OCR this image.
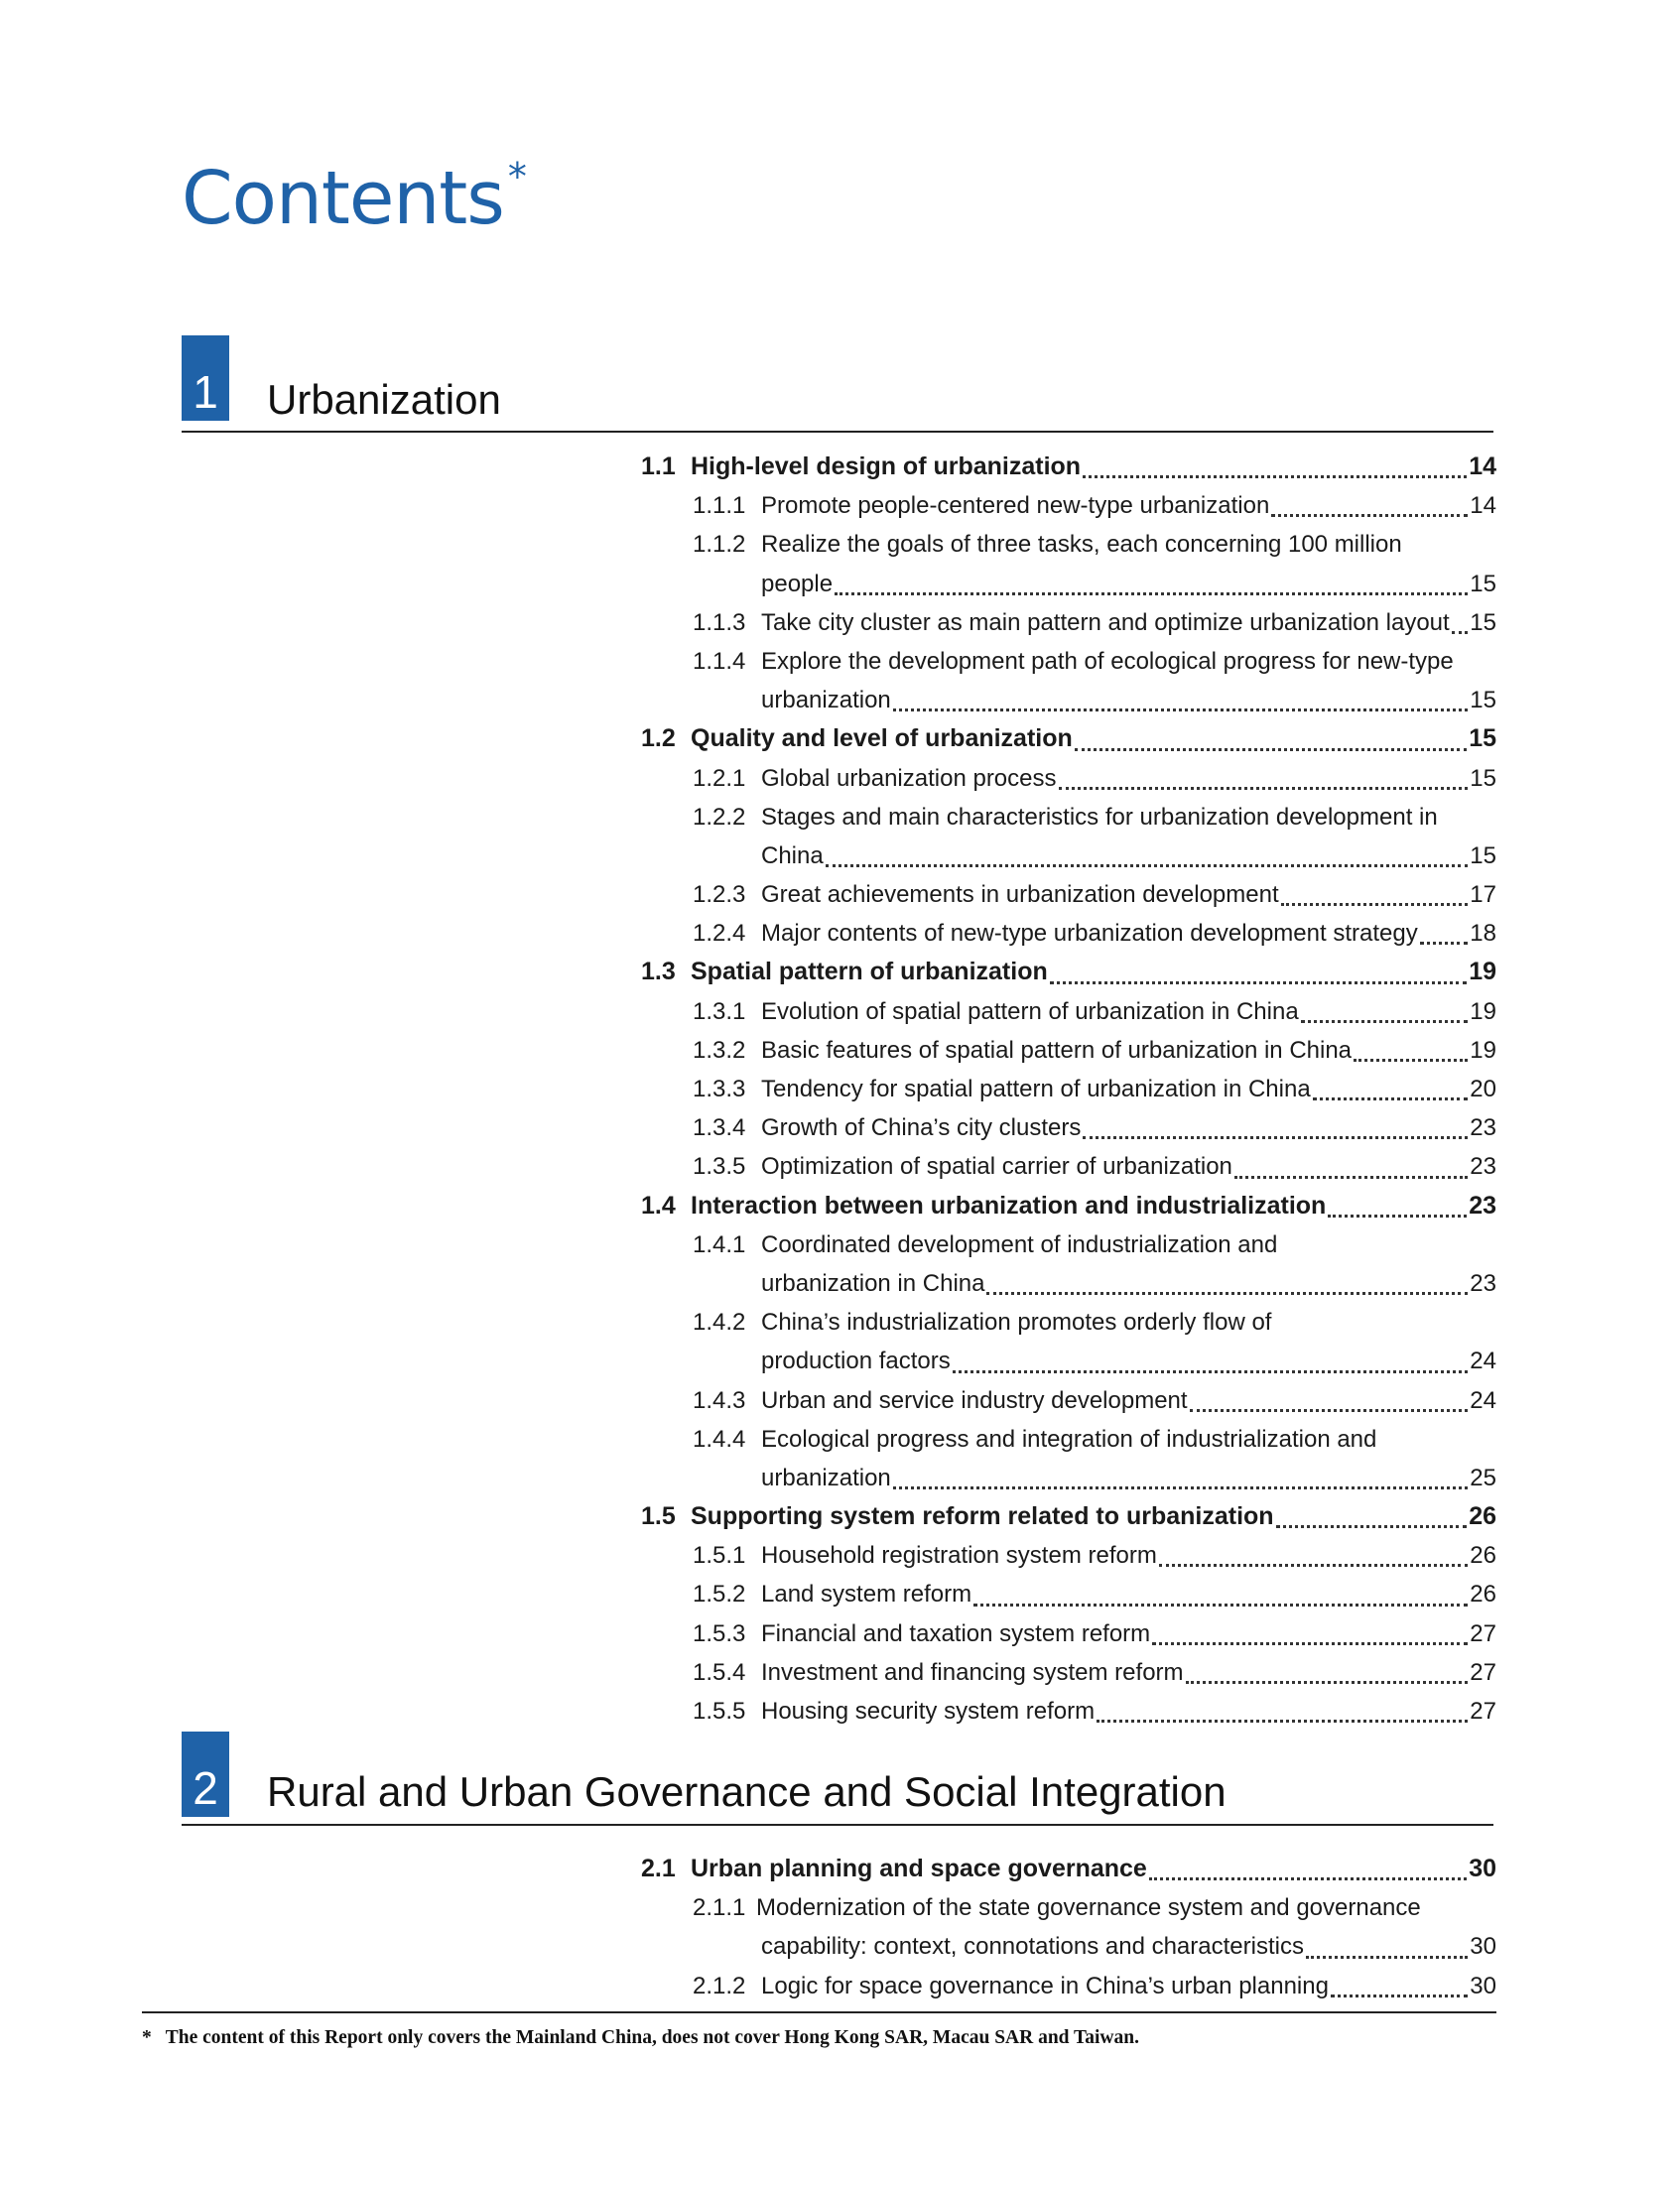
Contents *
1 Urbanization
1.1 High-level design of urbanization	14
1.1.1 Promote people-centered new-type urbanization	14
1.1.2 Realize the goals of three tasks, each concerning 100 million
people	15
1.1.3 Take city cluster as main pattern and optimize urbanization layout 15
1.1.4 Explore the development path of ecological progress for new-type
urbanization	15
1.2 Quality and level of urbanization	15
1.2.1 Global urbanization process	15
1.2.2 Stages and main characteristics for urbanization development in
China	15
1.2.3 Great achievements in urbanization development	17
1.2.4 Major contents of new-type urbanization development strategy 18
1.3 Spatial pattern of urbanization	19
1.3.1 Evolution of spatial pattern of urbanization in China	19
1.3.2 Basic features of spatial pattern of urbanization in China	19
1.3.3 Tendency for spatial pattern of urbanization in China	20
1.3.4 Growth of China’s city clusters	23
1.3.5 Optimization of spatial carrier of urbanization	23
1.4 Interaction between urbanization and industrialization	23
1.4.1 Coordinated development of industrialization and
urbanization in China	23
1.4.2 China’s industrialization promotes orderly flow of
production factors	24
1.4.3 Urban and service industry development	24
1.4.4 Ecological progress and integration of industrialization and
urbanization	25
1.5 Supporting system reform related to urbanization	26
1.5.1 Household registration system reform	26
1.5.2 Land system reform	26
1.5.3 Financial and taxation system reform	27
1.5.4 Investment and financing system reform	27
1.5.5 Housing security system reform	27
2 Rural and Urban Governance and Social Integration
2.1 Urban planning and space governance	30
2.1.1 Modernization of the state governance system and governance
capability: context, connotations and characteristics	30
2.1.2 Logic for space governance in China’s urban planning	30
* The content of this Report only covers the Mainland China, does not cover Hong Kong SAR, Macau SAR and Taiwan.
